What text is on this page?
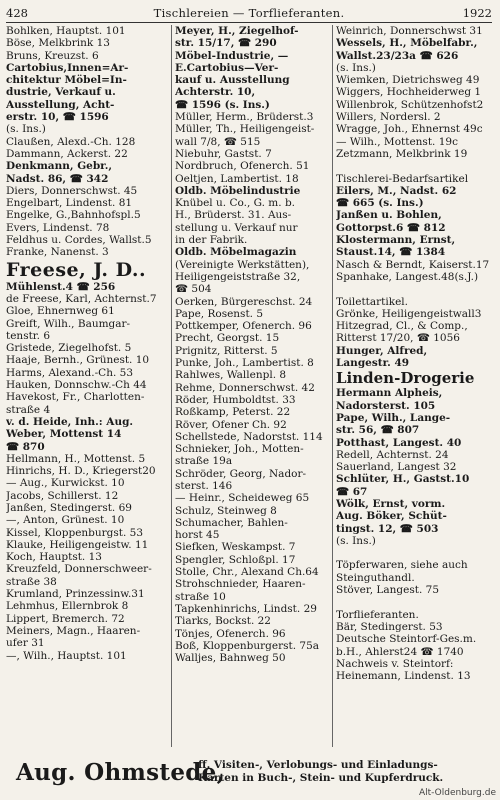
428	Tischlereien — Torflieferanten.	1922
Bohlken, Hauptst. 101
Böse, Melkbrink 13
Bruns, Kreuzst. 6
Cartobius,Innen=Ar-
chitektur Möbel=In-
dustrie, Verkauf u.
Ausstellung, Acht-
erstr. 10, ☎ 1596
(s. Ins.)
Claußen, Alexd.-Ch. 128
Dammann, Ackerst. 22
Denkmann, Gebr.,
Nadst. 86, ☎ 342
Diers, Donnerschwst. 45
Engelbart, Lindenst. 81
Engelke, G.,Bahnhofspl.5
Evers, Lindenst. 78
Feldhus u. Cordes, Wallst.5
Franke, Nanenst. 3
Freese, J. D..
Mühlenst.4 ☎ 256
de Freese, Karl, Achternst.7
Gloe, Ehnernweg 61
Greift, Wilh., Baumgar-
tenstr. 6
Gristede, Ziegelhofst. 5
Haaje, Bernh., Grünest. 10
Harms, Alexand.-Ch. 53
Hauken, Donnschw.-Ch 44
Havekost, Fr., Charlotten-
straße 4
v. d. Heide, Inh.: Aug.
Weber, Mottenst 14
☎ 870
Hellmann, H., Mottenst. 5
Hinrichs, H. D., Kriegerst20
— Aug., Kurwickst. 10
Jacobs, Schillerst. 12
Janßen, Stedingerst. 69
—, Anton, Grünest. 10
Kissel, Kloppenburgst. 53
Klauke, Heiligengeistw. 11
Koch, Hauptst. 13
Kreuzfeld, Donnerschweer-
straße 38
Krumland, Prinzessinw.31
Lehmhus, Ellernbrok 8
Lippert, Bremerch. 72
Meiners, Magn., Haaren-
ufer 31
—, Wilh., Hauptst. 101
Meyer, H., Ziegelhof-
str. 15/17, ☎ 290
Möbel-Industrie, —
E.Cartobius—Ver-
kauf u. Ausstellung
Achterstr. 10,
☎ 1596 (s. Ins.)
Müller, Herm., Brüderst.3
Müller, Th., Heiligengeist-
wall 7/8, ☎ 515
Niebuhr, Gastst. 7
Nordbruch, Ofenerch. 51
Oeltjen, Lambertist. 18
Oldb. Möbelindustrie
Knübel u. Co., G. m. b.
H., Brüderst. 31. Aus-
stellung u. Verkauf nur
in der Fabrik.
Oldb. Möbelmagazin
(Vereinigte Werkstätten),
Heiligengeiststraße 32,
☎ 504
Oerken, Bürgereschst. 24
Pape, Rosenst. 5
Pottkemper, Ofenerch. 96
Precht, Georgst. 15
Prignitz, Ritterst. 5
Punke, Joh., Lambertist. 8
Rahlwes, Wallenpl. 8
Rehme, Donnerschwst. 42
Röder, Humboldtst. 33
Roßkamp, Peterst. 22
Röver, Ofener Ch. 92
Schellstede, Nadorstst. 114
Schnieker, Joh., Motten-
straße 19a
Schröder, Georg, Nador-
sterst. 146
— Heinr., Scheideweg 65
Schulz, Steinweg 8
Schumacher, Bahlen-
horst 45
Siefken, Weskampst. 7
Spengler, Schloßpl. 17
Stolle, Chr., Alexand Ch.64
Strohschnieder, Haaren-
straße 10
Tapkenhinrichs, Lindst. 29
Tiarks, Bockst. 22
Tönjes, Ofenerch. 96
Boß, Kloppenburgerst. 75a
Walljes, Bahnweg 50
Weinrich, Donnerschwst 31
Wessels, H., Möbelfabr.,
Wallst.23/23a ☎ 626
(s. Ins.)
Wiemken, Dietrichsweg 49
Wiggers, Hochheiderweg 1
Willenbrok, Schützenhofst2
Willers, Nordersl. 2
Wragge, Joh., Ehnernst 49c
— Wilh., Mottenst. 19c
Zetzmann, Melkbrink 19

Tischlerei-Bedarfsartikel
Eilers, M., Nadst. 62
☎ 665 (s. Ins.)
Janßen u. Bohlen,
Gottorpst.6 ☎ 812
Klostermann, Ernst,
Staust.14, ☎ 1384
Nasch & Berndt, Kaiserst.17
Spanhake, Langest.48(s.J.)

Toilettartikel.
Grönke, Heiligengeistwall3
Hitzegrad, Cl., & Comp.,
Ritterst 17/20, ☎ 1056
Hunger, Alfred,
Langestr. 49
Linden-Drogerie
Hermann Alpheis,
Nadorsterst. 105
Pape, Wilh., Lange-
str. 56, ☎ 807
Potthast, Langest. 40
Redell, Achternst. 24
Sauerland, Langest 32
Schlüter, H., Gastst.10
☎ 67
Wölk, Ernst, vorm.
Aug. Böker, Schüt-
tingst. 12, ☎ 503
(s. Ins.)

Töpferwaren, siehe auch
Steinguthandl.
Stöver, Langest. 75

Torflieferanten.
Bär, Stedingerst. 53
Deutsche Steintorf-Ges.m.
b.H., Ahlerst24 ☎ 1740
Nachweis v. Steintorf:
Heinemann, Lindenst. 13
Aug. Ohmstede,
ff. Visiten-, Verlobungs- und Einladungs-
Karten in Buch-, Stein- und Kupferdruck.
Alt-Oldenburg.de
